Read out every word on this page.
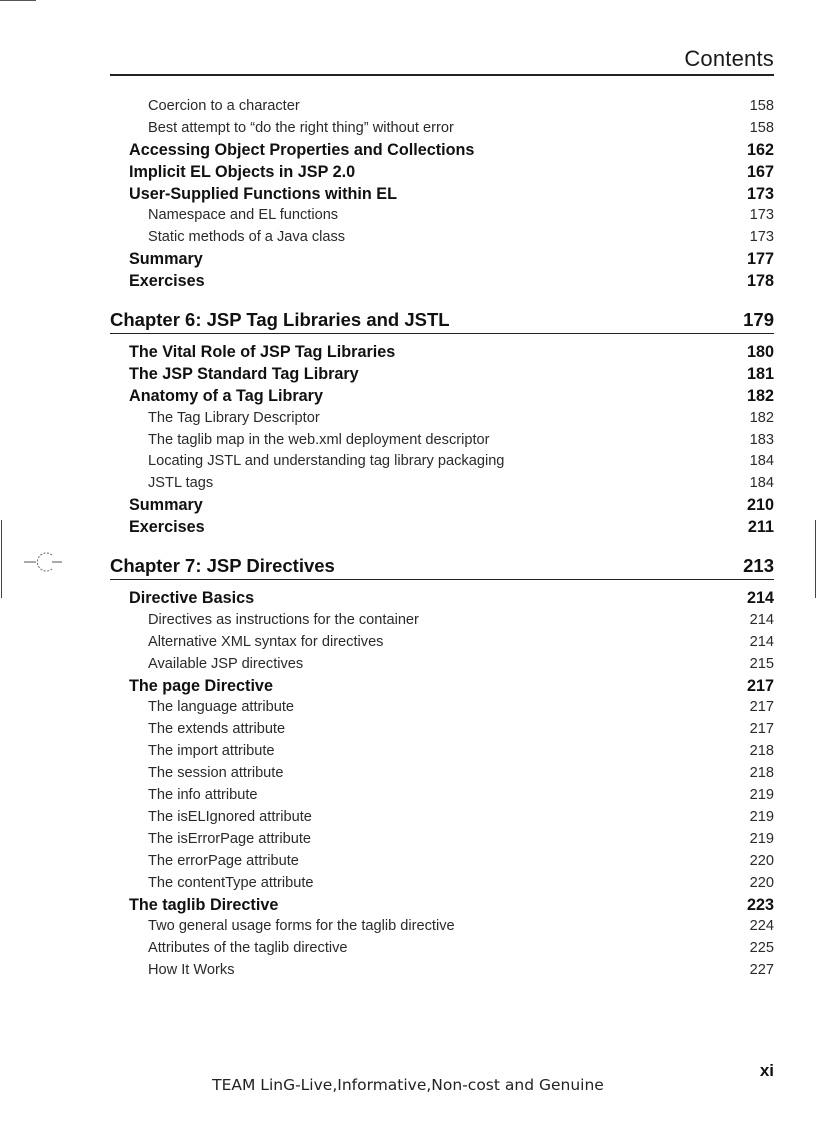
Contents
Coercion to a character	158
Best attempt to “do the right thing” without error	158
Accessing Object Properties and Collections	162
Implicit EL Objects in JSP 2.0	167
User-Supplied Functions within EL	173
Namespace and EL functions	173
Static methods of a Java class	173
Summary	177
Exercises	178
Chapter 6: JSP Tag Libraries and JSTL	179
The Vital Role of JSP Tag Libraries	180
The JSP Standard Tag Library	181
Anatomy of a Tag Library	182
The Tag Library Descriptor	182
The taglib map in the web.xml deployment descriptor	183
Locating JSTL and understanding tag library packaging	184
JSTL tags	184
Summary	210
Exercises	211
Chapter 7: JSP Directives	213
Directive Basics	214
Directives as instructions for the container	214
Alternative XML syntax for directives	214
Available JSP directives	215
The page Directive	217
The language attribute	217
The extends attribute	217
The import attribute	218
The session attribute	218
The info attribute	219
The isELIgnored attribute	219
The isErrorPage attribute	219
The errorPage attribute	220
The contentType attribute	220
The taglib Directive	223
Two general usage forms for the taglib directive	224
Attributes of the taglib directive	225
How It Works	227
xi
TEAM LinG-Live,Informative,Non-cost and Genuine
